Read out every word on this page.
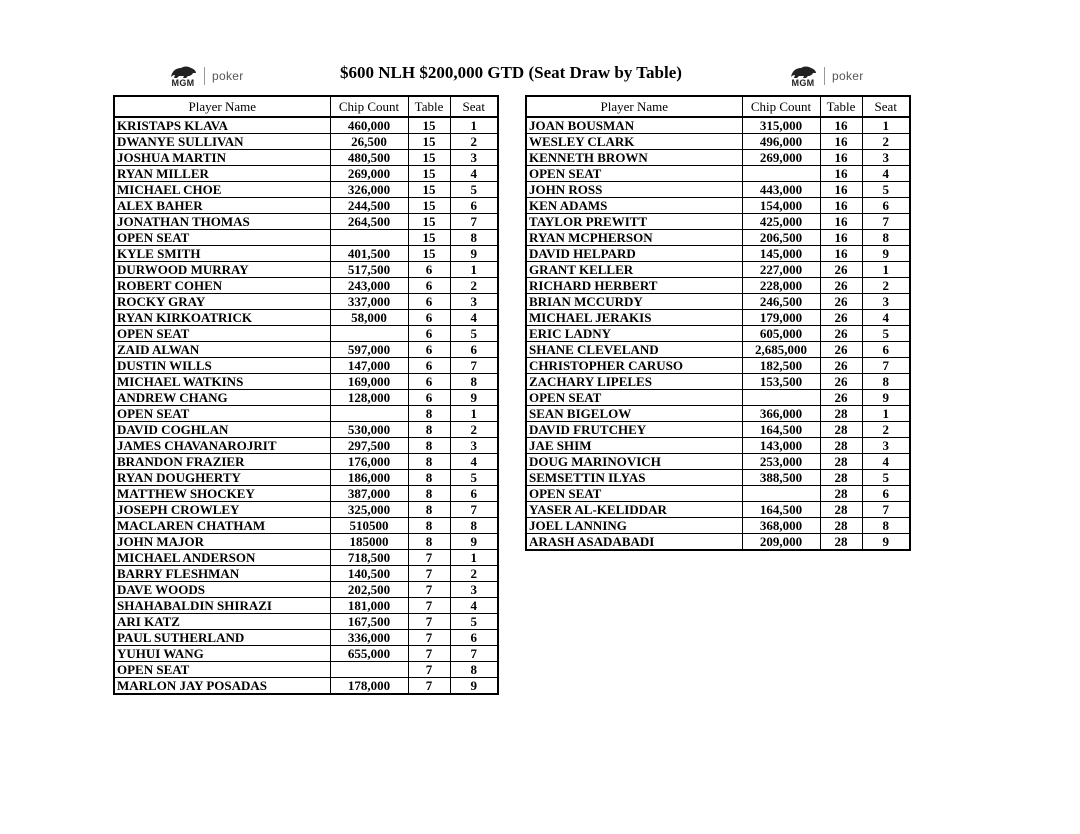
MGM poker	$600 NLH $200,000 GTD (Seat Draw by Table)
MGM poker
Player Name	Chip Count	Table	Seat
KRISTAPS KLAVA	460,000	15	1
DWANYE SULLIVAN	26,500	15	2
JOSHUA MARTIN	480,500	15	3
RYAN MILLER	269,000	15	4
MICHAEL CHOE	326,000	15	5
ALEX BAHER	244,500	15	6
JONATHAN THOMAS	264,500	15	7
OPEN SEAT		15	8
KYLE SMITH	401,500	15	9
DURWOOD MURRAY	517,500	6	1
ROBERT COHEN	243,000	6	2
ROCKY GRAY	337,000	6	3
RYAN KIRKOATRICK	58,000	6	4
OPEN SEAT		6	5
ZAID ALWAN	597,000	6	6
DUSTIN WILLS	147,000	6	7
MICHAEL WATKINS	169,000	6	8
ANDREW CHANG	128,000	6	9
OPEN SEAT		8	1
DAVID COGHLAN	530,000	8	2
JAMES CHAVANAROJRIT	297,500	8	3
BRANDON FRAZIER	176,000	8	4
RYAN DOUGHERTY	186,000	8	5
MATTHEW SHOCKEY	387,000	8	6
JOSEPH CROWLEY	325,000	8	7
MACLAREN CHATHAM	510500	8	8
JOHN MAJOR	185000	8	9
MICHAEL ANDERSON	718,500	7	1
BARRY FLESHMAN	140,500	7	2
DAVE WOODS	202,500	7	3
SHAHABALDIN SHIRAZI	181,000	7	4
ARI KATZ	167,500	7	5
PAUL SUTHERLAND	336,000	7	6
YUHUI WANG	655,000	7	7
OPEN SEAT		7	8
MARLON JAY POSADAS	178,000	7	9
Player Name	Chip Count	Table	Seat
JOAN BOUSMAN	315,000	16	1
WESLEY CLARK	496,000	16	2
KENNETH BROWN	269,000	16	3
OPEN SEAT		16	4
JOHN ROSS	443,000	16	5
KEN ADAMS	154,000	16	6
TAYLOR PREWITT	425,000	16	7
RYAN MCPHERSON	206,500	16	8
DAVID HELPARD	145,000	16	9
GRANT KELLER	227,000	26	1
RICHARD HERBERT	228,000	26	2
BRIAN MCCURDY	246,500	26	3
MICHAEL JERAKIS	179,000	26	4
ERIC LADNY	605,000	26	5
SHANE CLEVELAND	2,685,000	26	6
CHRISTOPHER CARUSO	182,500	26	7
ZACHARY LIPELES	153,500	26	8
OPEN SEAT		26	9
SEAN BIGELOW	366,000	28	1
DAVID FRUTCHEY	164,500	28	2
JAE SHIM	143,000	28	3
DOUG MARINOVICH	253,000	28	4
SEMSETTIN ILYAS	388,500	28	5
OPEN SEAT		28	6
YASER AL-KELIDDAR	164,500	28	7
JOEL LANNING	368,000	28	8
ARASH ASADABADI	209,000	28	9
